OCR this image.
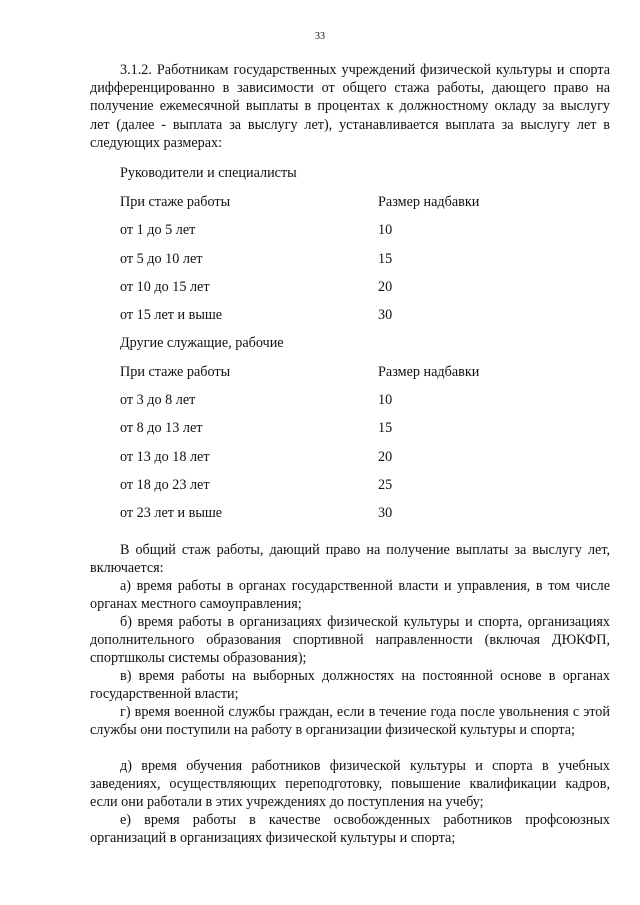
33
3.1.2. Работникам государственных учреждений физической культуры и спорта дифференцированно в зависимости от общего стажа работы, дающего право на получение ежемесячной выплаты в процентах к должностному окладу за выслугу лет (далее - выплата за выслугу лет), устанавливается выплата за выслугу лет в следующих размерах:
Руководители и специалисты
При стаже работы	Размер надбавки
от 1 до 5 лет	10
от 5 до 10 лет	15
от 10 до 15 лет	20
от 15 лет и выше	30
Другие служащие, рабочие
При стаже работы	Размер надбавки
от 3 до 8 лет	10
от 8 до 13 лет	15
от 13 до 18 лет	20
от 18 до 23 лет	25
от 23 лет и выше	30
В общий стаж работы, дающий право на получение выплаты за выслугу лет, включается:
а) время работы в органах государственной власти и управления, в том числе органах местного самоуправления;
б) время работы в организациях физической культуры и спорта, организациях дополнительного образования спортивной направленности (включая ДЮКФП, спортшколы системы образования);
в) время работы на выборных должностях на постоянной основе в органах государственной власти;
г) время военной службы граждан, если в течение года после увольнения с этой службы они поступили на работу в организации физической культуры и спорта;
д) время обучения работников физической культуры и спорта в учебных заведениях, осуществляющих переподготовку, повышение квалификации кадров, если они работали в этих учреждениях до поступления на учебу;
е) время работы в качестве освобожденных работников профсоюзных организаций в организациях физической культуры и спорта;
